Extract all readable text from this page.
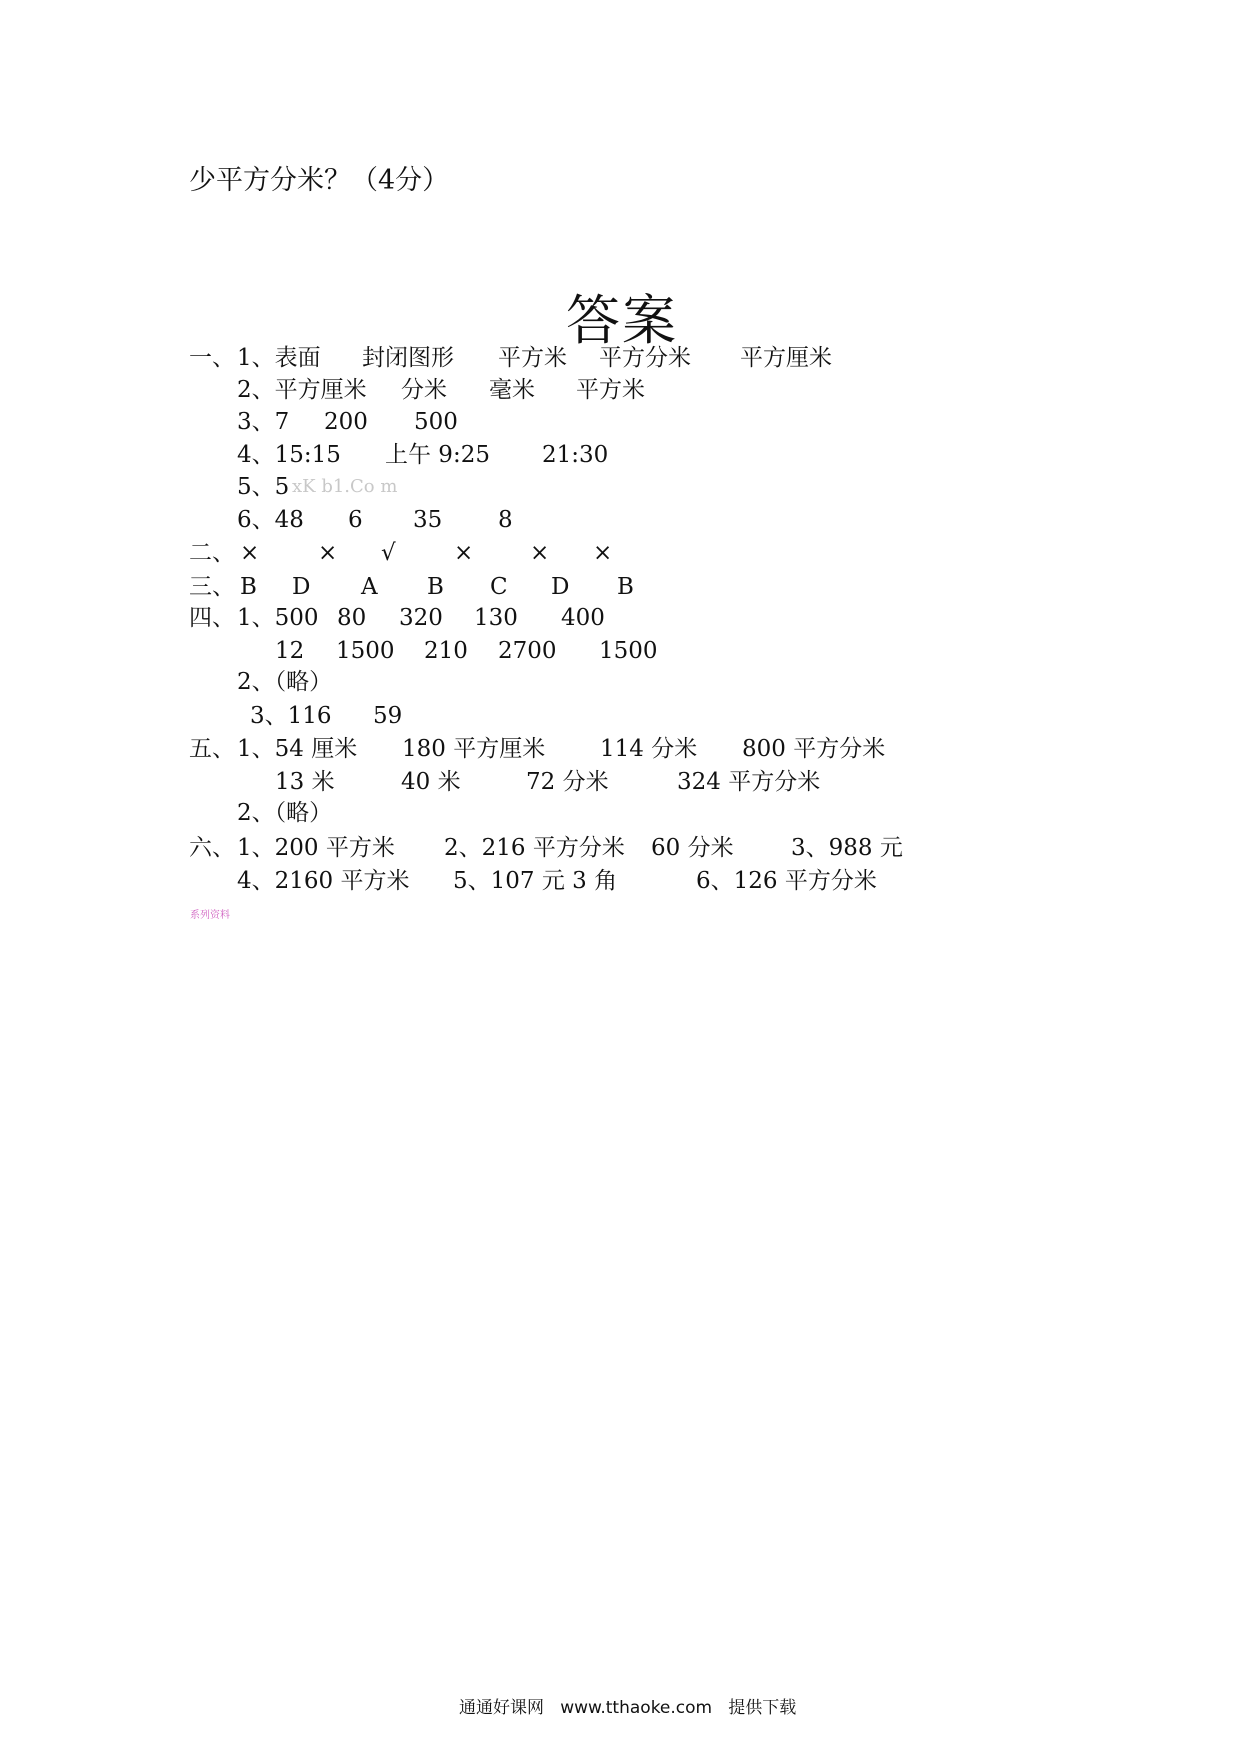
少平方分米？（4分）
答案
一、 1、表面 封闭图形 平方米 平方分米 平方厘米
2、平方厘米 分米 毫米 平方米
3、7 200 500
4、15:15 上午 9:25 21:30
5、5 xK b1.Co m
6、48 6 35 8
二、 ×	× √	× × ×
三、 B D A B C D B
四、 1、500 80 320 130 400
12 1500 210 2700 1500
2、（略）
3、116 59
五、 1、54 厘米 180 平方厘米 114 分米 800 平方分米
13 米	40 米	72 分米	324 平方分米
2、（略）
六、 1、200 平方米 2、216 平方分米 60 分米 3、988 元
4、2160 平方米 5、107 元 3 角	6、126 平方分米
系列资料
通通好课网   www.tthaoke.com   提供下载
